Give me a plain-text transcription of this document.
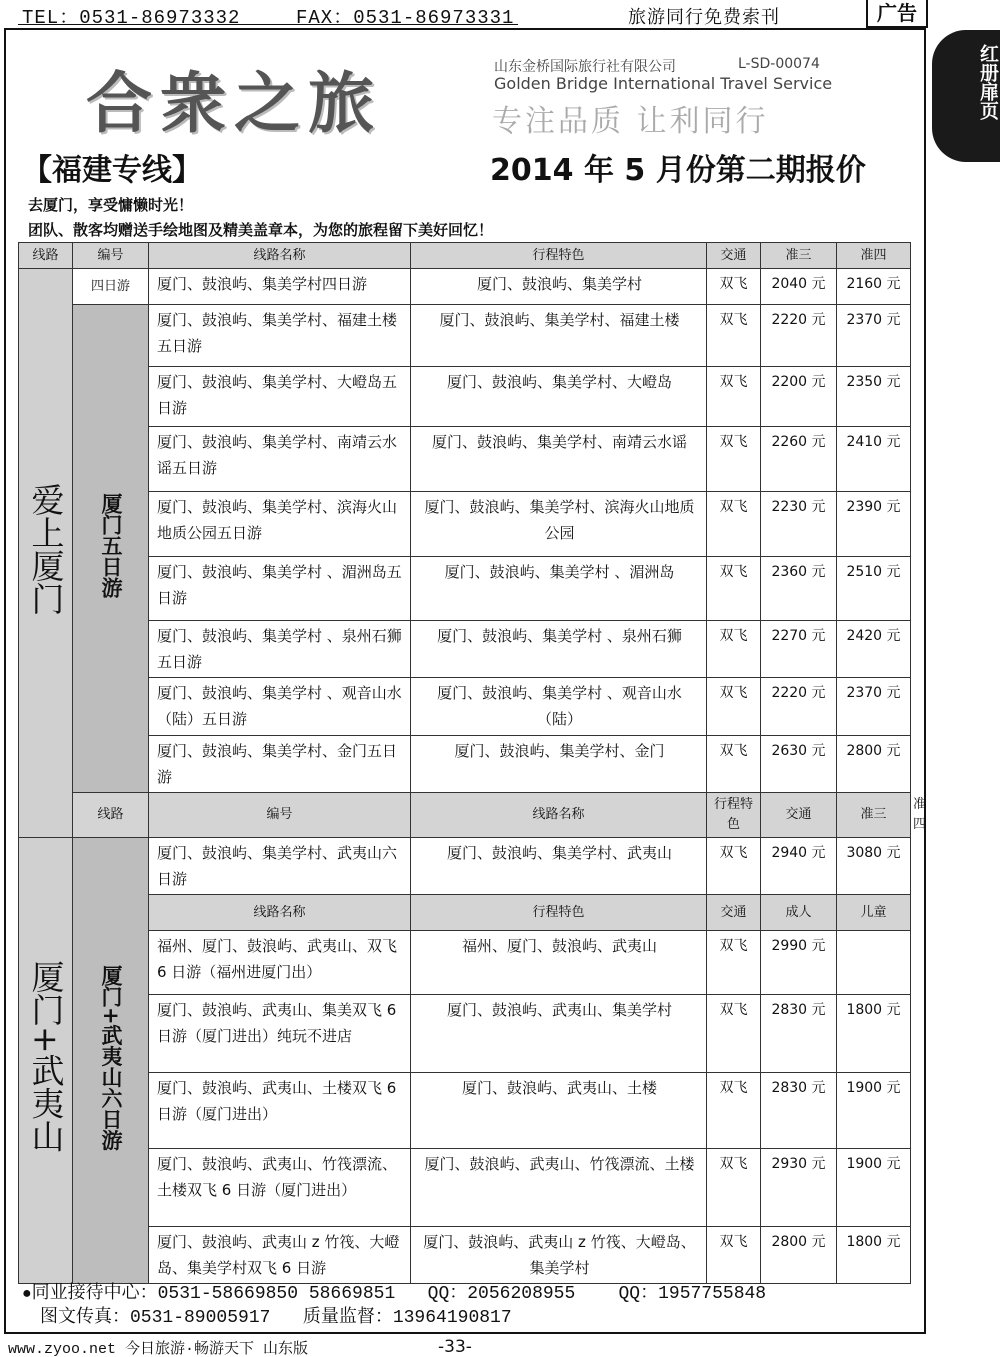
TEL：0531-86973332	FAX：0531-86973331	旅游同行免费索刊	广告
红册扉页
合衆之旅	山东金桥国际旅行社有限公司	L-SD-00074
Golden Bridge International Travel Service
专注品质 让利同行
【福建专线】	2014 年 5 月份第二期报价
去厦门，享受慵懒时光！
团队、散客均赠送手绘地图及精美盖章本，为您的旅程留下美好回忆！
线路	编号	线路名称	行程特色	交通	准三	准四	
爱上厦门	四日游	厦门、鼓浪屿、集美学村四日游	厦门、鼓浪屿、集美学村	双飞	2040 元	2160 元	
	厦门五日游	厦门、鼓浪屿、集美学村、福建土楼五日游	厦门、鼓浪屿、集美学村、福建土楼	双飞	2220 元	2370 元	
		厦门、鼓浪屿、集美学村、大嶝岛五日游	厦门、鼓浪屿、集美学村、大嶝岛	双飞	2200 元	2350 元	
		厦门、鼓浪屿、集美学村、南靖云水谣五日游	厦门、鼓浪屿、集美学村、南靖云水谣	双飞	2260 元	2410 元	
		厦门、鼓浪屿、集美学村、滨海火山地质公园五日游	厦门、鼓浪屿、集美学村、滨海火山地质公园	双飞	2230 元	2390 元	
		厦门、鼓浪屿、集美学村 、湄洲岛五日游	厦门、鼓浪屿、集美学村 、湄洲岛	双飞	2360 元	2510 元	
		厦门、鼓浪屿、集美学村 、泉州石狮五日游	厦门、鼓浪屿、集美学村 、泉州石狮	双飞	2270 元	2420 元	
		厦门、鼓浪屿、集美学村 、观音山水（陆）五日游	厦门、鼓浪屿、集美学村 、观音山水（陆）	双飞	2220 元	2370 元	
		厦门、鼓浪屿、集美学村、金门五日游	厦门、鼓浪屿、集美学村、金门	双飞	2630 元	2800 元	
	线路	编号	线路名称	行程特色	交通	准三	准四
厦门+武夷山	厦门+武夷山六日游	厦门、鼓浪屿、集美学村、武夷山六日游	厦门、鼓浪屿、集美学村、武夷山	双飞	2940 元	3080 元	
		线路名称	行程特色	交通	成人	儿童	
		福州、厦门、鼓浪屿、武夷山、双飞 6 日游（福州进厦门出）	福州、厦门、鼓浪屿、武夷山	双飞	2990 元		
		厦门、鼓浪屿、武夷山、集美双飞 6 日游（厦门进出）纯玩不进店	厦门、鼓浪屿、武夷山、集美学村	双飞	2830 元	1800 元	
		厦门、鼓浪屿、武夷山、土楼双飞 6 日游（厦门进出）	厦门、鼓浪屿、武夷山、土楼	双飞	2830 元	1900 元	
		厦门、鼓浪屿、武夷山、竹筏漂流、土楼双飞 6 日游（厦门进出）	厦门、鼓浪屿、武夷山、竹筏漂流、土楼	双飞	2930 元	1900 元	
		厦门、鼓浪屿、武夷山 z 竹筏、大嶝岛、集美学村双飞 6 日游	厦门、鼓浪屿、武夷山 z 竹筏、大嶝岛、集美学村	双飞	2800 元	1800 元	
●同业接待中心：0531-58669850 58669851   QQ：2056208955    QQ：1957755848
图文传真：0531-89005917   质量监督：13964190817
www.zyoo.net 今日旅游·畅游天下 山东版	-33-
